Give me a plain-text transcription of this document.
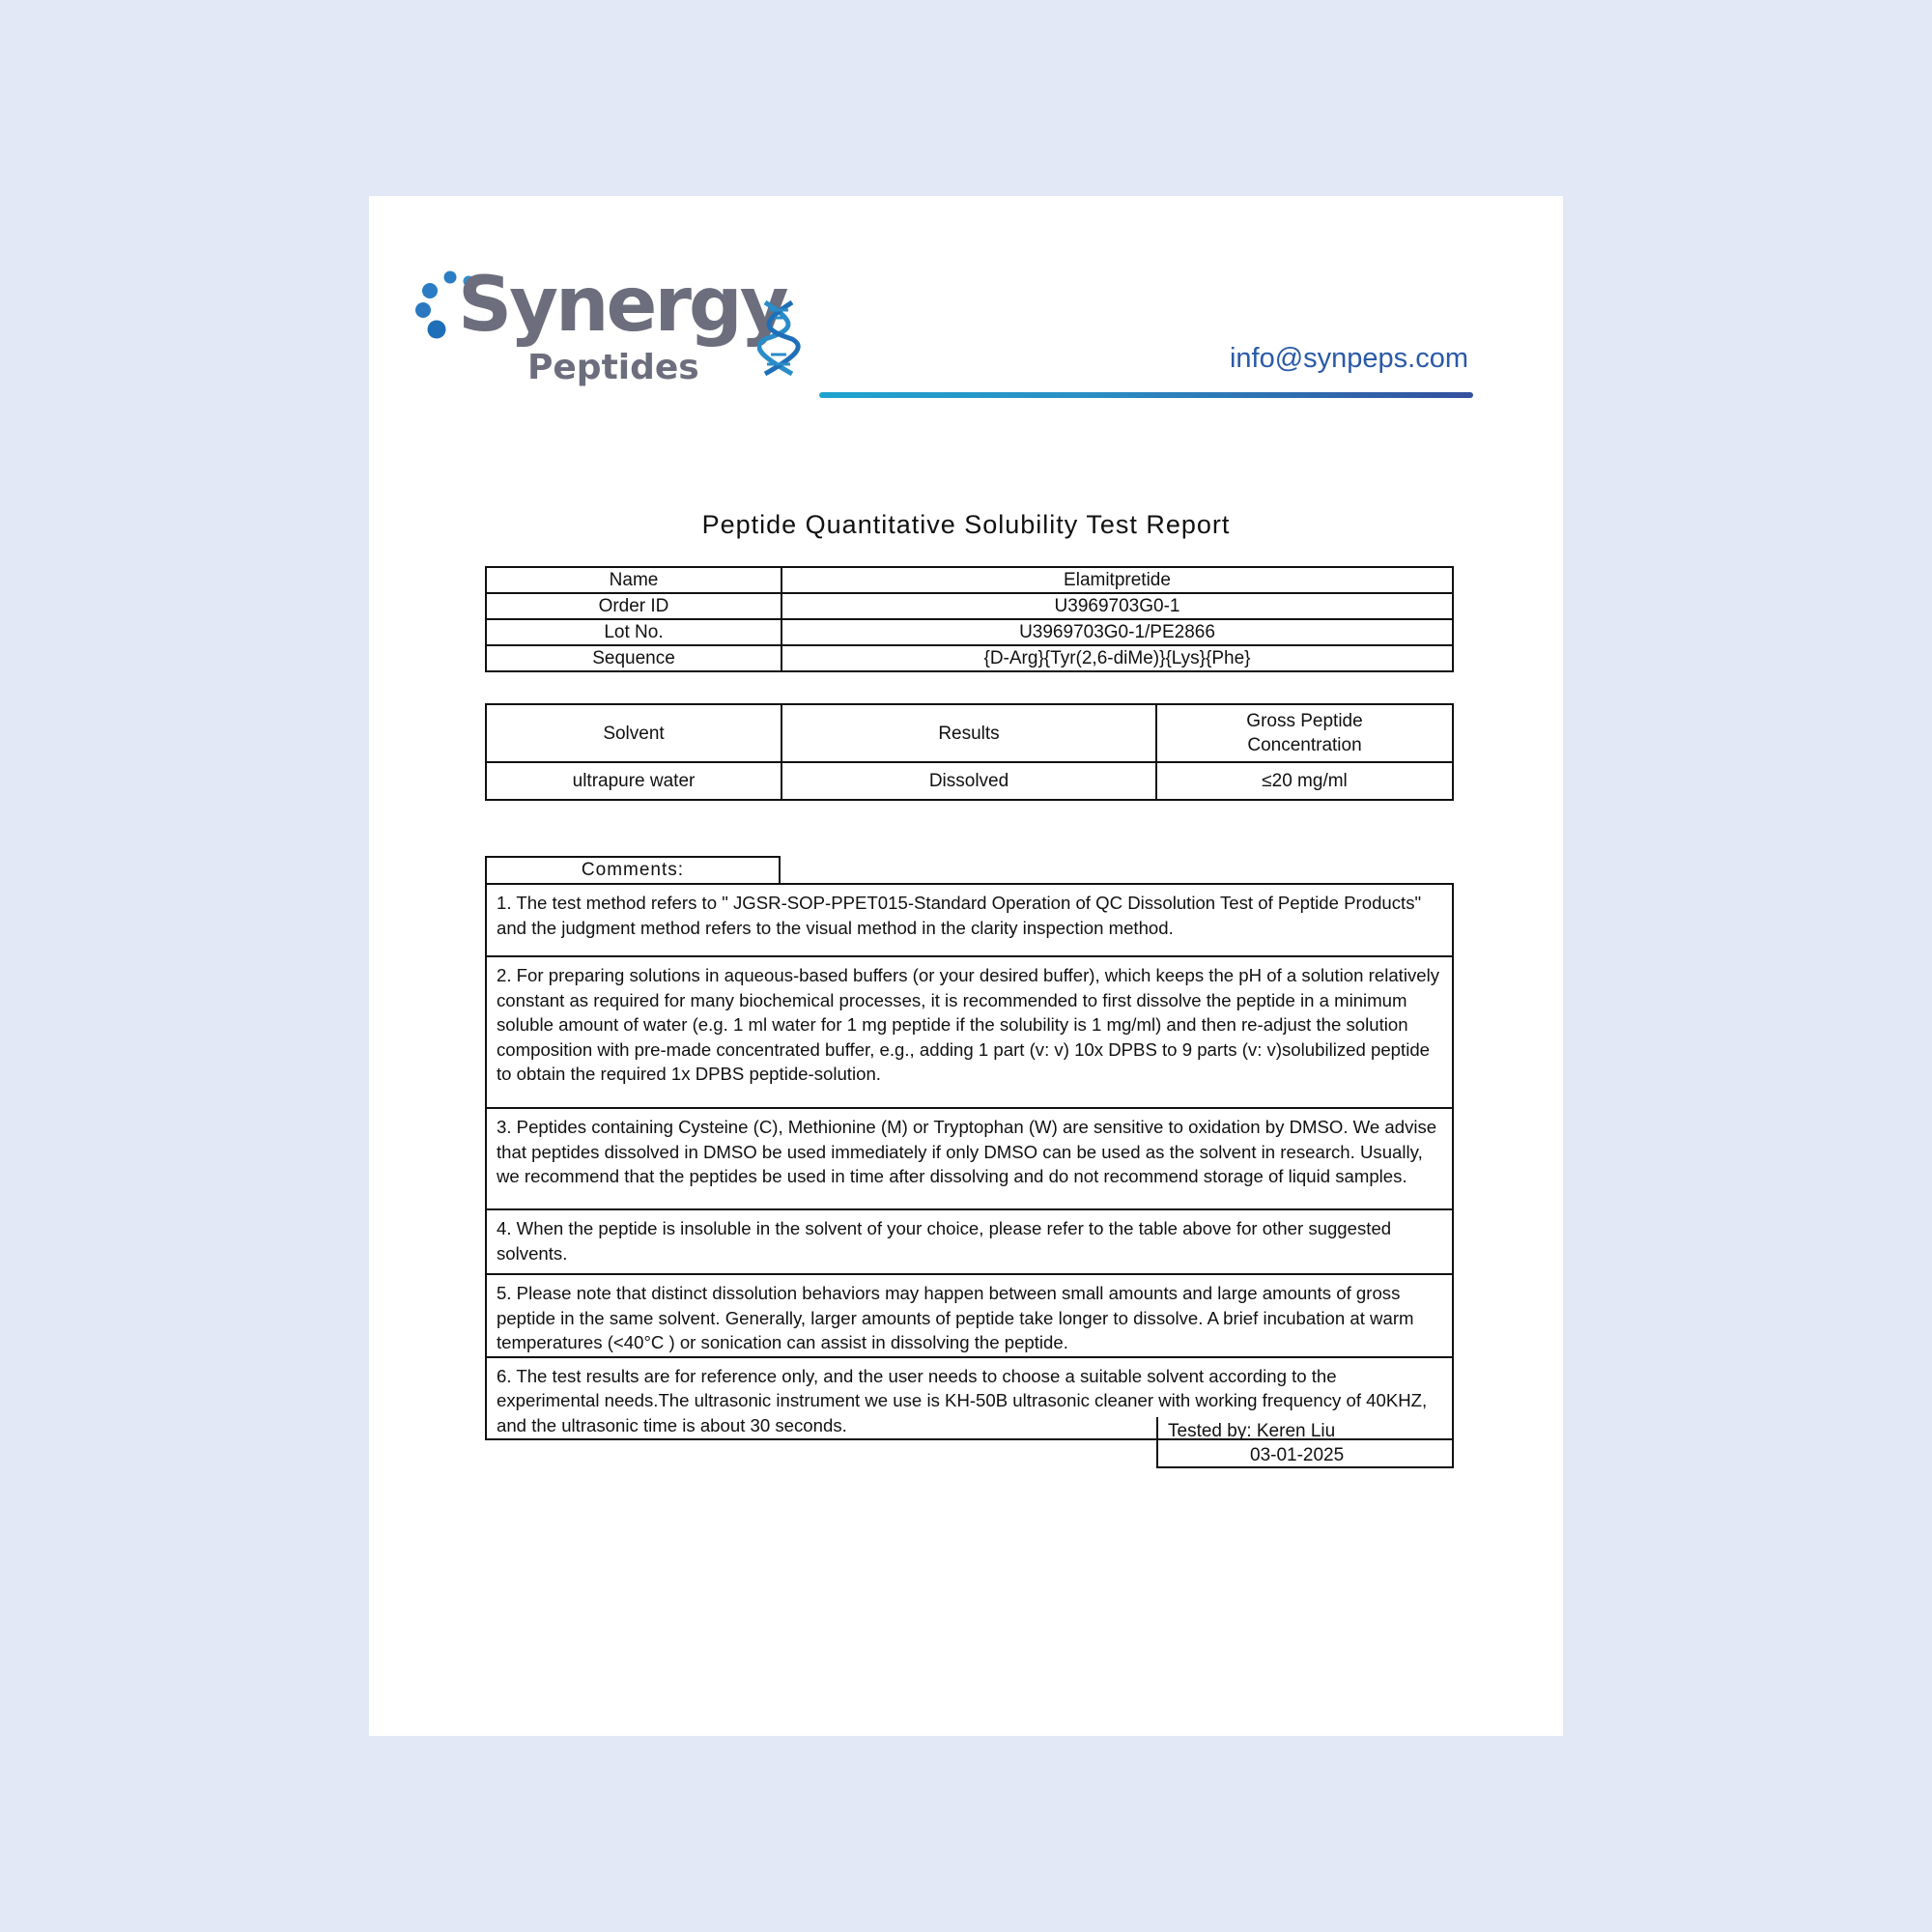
Synergy
Peptides	info@synpeps.com
Peptide Quantitative Solubility Test Report
Name	Elamitpretide
Order ID	U3969703G0-1
Lot No.	U3969703G0-1/PE2866
Sequence	{D-Arg}{Tyr(2,6-diMe)}{Lys}{Phe}
Solvent	Results	Gross Peptide
Concentration

ultrapure water	Dissolved	≤20 mg/ml
Comments:
1. The test method refers to " JGSR-SOP-PPET015-Standard Operation of QC Dissolution Test of Peptide Products" and the judgment method refers to the visual method in the clarity inspection method.
2. For preparing solutions in aqueous-based buffers (or your desired buffer), which keeps the pH of a solution relatively constant as required for many biochemical processes, it is recommended to first dissolve the peptide in a minimum soluble amount of water (e.g. 1 ml water for 1 mg peptide if the solubility is 1 mg/ml) and then re-adjust the solution composition with pre-made concentrated buffer, e.g., adding 1 part (v: v) 10x DPBS to 9 parts (v: v)solubilized peptide to obtain the required 1x DPBS peptide-solution.
3. Peptides containing Cysteine (C), Methionine (M) or Tryptophan (W) are sensitive to oxidation by DMSO. We advise that peptides dissolved in DMSO be used immediately if only DMSO can be used as the solvent in research. Usually, we recommend that the peptides be used in time after dissolving and do not recommend storage of liquid samples.
4. When the peptide is insoluble in the solvent of your choice, please refer to the table above for other suggested solvents.
5. Please note that distinct dissolution behaviors may happen between small amounts and large amounts of gross peptide in the same solvent. Generally, larger amounts of peptide take longer to dissolve. A brief incubation at warm temperatures (<40°C ) or sonication can assist in dissolving the peptide.
6. The test results are for reference only, and the user needs to choose a suitable solvent according to the experimental needs.The ultrasonic instrument we use is KH-50B ultrasonic cleaner with working frequency of 40KHZ, and the ultrasonic time is about 30 seconds.	Tested by: Keren Liu
03-01-2025
